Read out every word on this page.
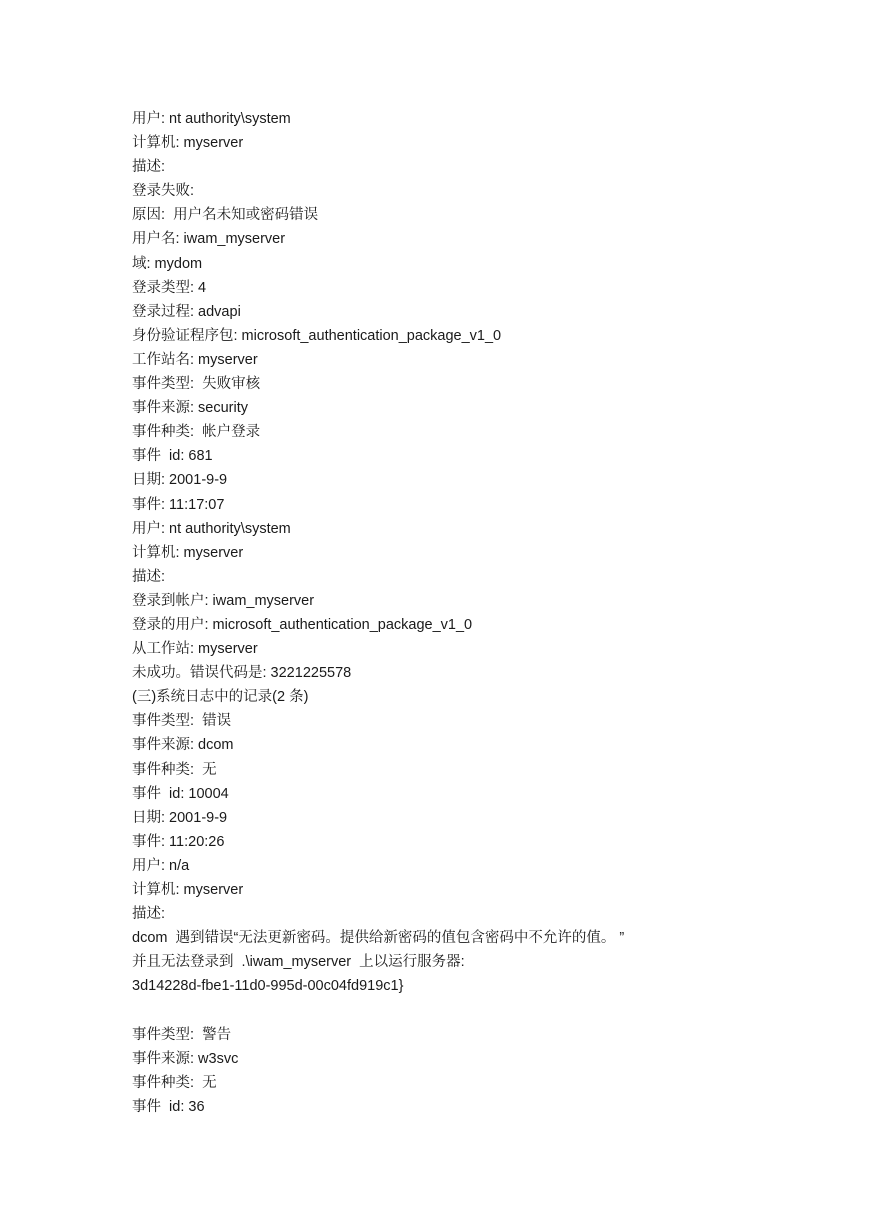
用户: nt authority\system
计算机: myserver
描述:
登录失败:
原因:  用户名未知或密码错误
用户名: iwam_myserver
域: mydom
登录类型: 4
登录过程: advapi
身份验证程序包: microsoft_authentication_package_v1_0
工作站名: myserver
事件类型:  失败审核
事件来源: security
事件种类:  帐户登录
事件  id: 681
日期: 2001-9-9
事件: 11:17:07
用户: nt authority\system
计算机: myserver
描述:
登录到帐户: iwam_myserver
登录的用户: microsoft_authentication_package_v1_0
从工作站: myserver
未成功。错误代码是: 3221225578
(三)系统日志中的记录(2 条)
事件类型:  错误
事件来源: dcom
事件种类:  无
事件  id: 10004
日期: 2001-9-9
事件: 11:20:26
用户: n/a
计算机: myserver
描述:
dcom  遇到错误“无法更新密码。提供给新密码的值包含密码中不允许的值。 ”
并且无法登录到  .\iwam_myserver  上以运行服务器:
3d14228d-fbe1-11d0-995d-00c04fd919c1}
事件类型:  警告
事件来源: w3svc
事件种类:  无
事件  id: 36
